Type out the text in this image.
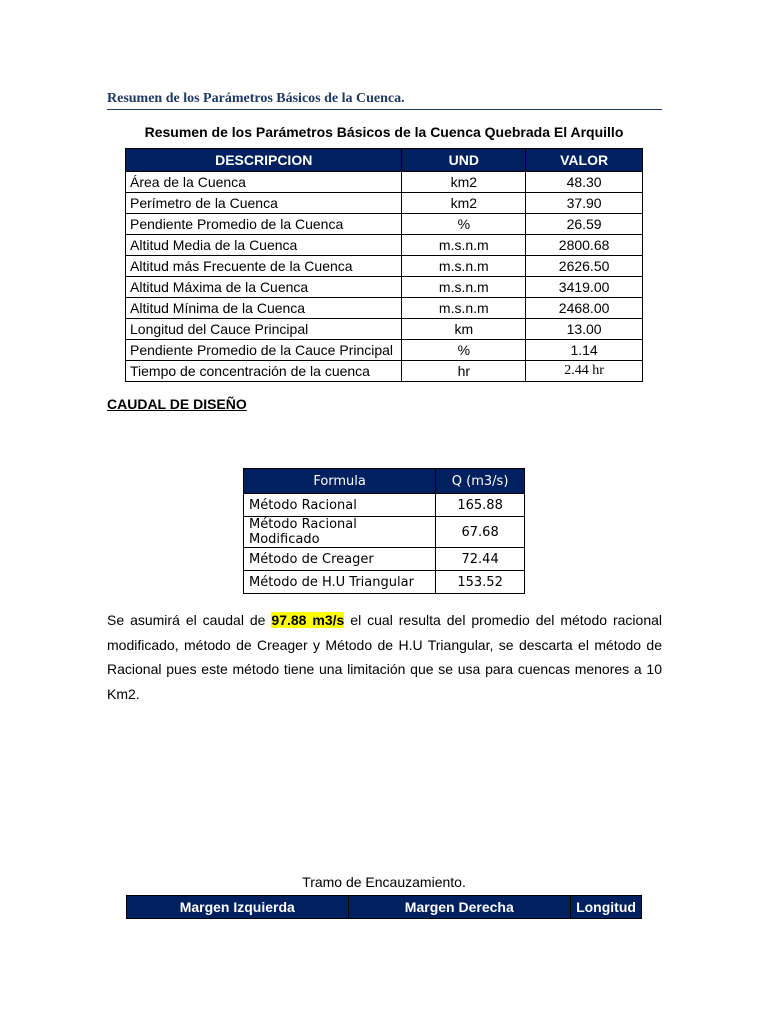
Resumen de los Parámetros Básicos de la Cuenca.
Resumen de los Parámetros Básicos de la Cuenca Quebrada El Arquillo
DESCRIPCION	UND	VALOR
Área de la Cuenca	km2	48.30
Perímetro de la Cuenca	km2	37.90
Pendiente Promedio de la Cuenca	%	26.59
Altitud Media de la Cuenca	m.s.n.m	2800.68
Altitud más Frecuente de la Cuenca	m.s.n.m	2626.50
Altitud Máxima de la Cuenca	m.s.n.m	3419.00
Altitud Mínima de la Cuenca	m.s.n.m	2468.00
Longitud del Cauce Principal	km	13.00
Pendiente Promedio de la Cauce Principal	%	1.14
Tiempo de concentración de la cuenca	hr	2.44 hr
CAUDAL DE DISEÑO
Formula	Q (m3/s)
Método Racional	165.88
Método Racional Modificado	67.68
Método de Creager	72.44
Método de H.U Triangular	153.52

Se asumirá el caudal de 97.88 m3/s el cual resulta del promedio del método racional modificado, método de Creager y Método de H.U Triangular, se descarta el método de Racional pues este método tiene una limitación que se usa para cuencas menores a 10 Km2.

Tramo de Encauzamiento.
Margen Izquierda	Margen Derecha	Longitud
